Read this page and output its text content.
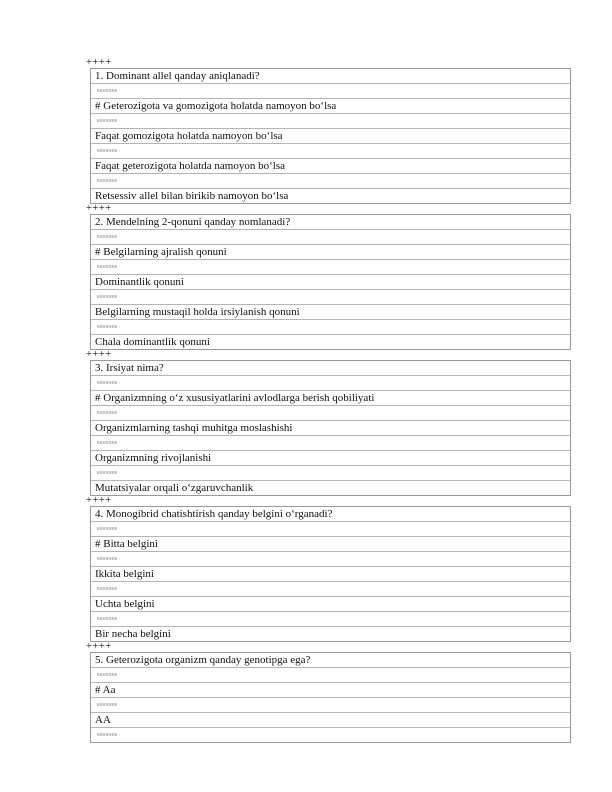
++++
1. Dominant allel qanday aniqlanadi?
# Geterozigota va gomozigota holatda namoyon bo‘lsa
Faqat gomozigota holatda namoyon bo‘lsa
Faqat geterozigota holatda namoyon bo‘lsa
Retsessiv allel bilan birikib namoyon bo‘lsa
++++
2. Mendelning 2-qonuni qanday nomlanadi?
# Belgilarning ajralish qonuni
Dominantlik qonuni
Belgilarning mustaqil holda irsiylanish qonuni
Chala dominantlik qonuni
++++
3. Irsiyat nima?
# Organizmning o‘z xususiyatlarini avlodlarga berish qobiliyati
Organizmlarning tashqi muhitga moslashishi
Organizmning rivojlanishi
Mutatsiyalar orqali o‘zgaruvchanlik
++++
4. Monogibrid chatishtirish qanday belgini o‘rganadi?
# Bitta belgini
Ikkita belgini
Uchta belgini
Bir necha belgini
++++
5. Geterozigota organizm qanday genotipga ega?
# Aa
AA
